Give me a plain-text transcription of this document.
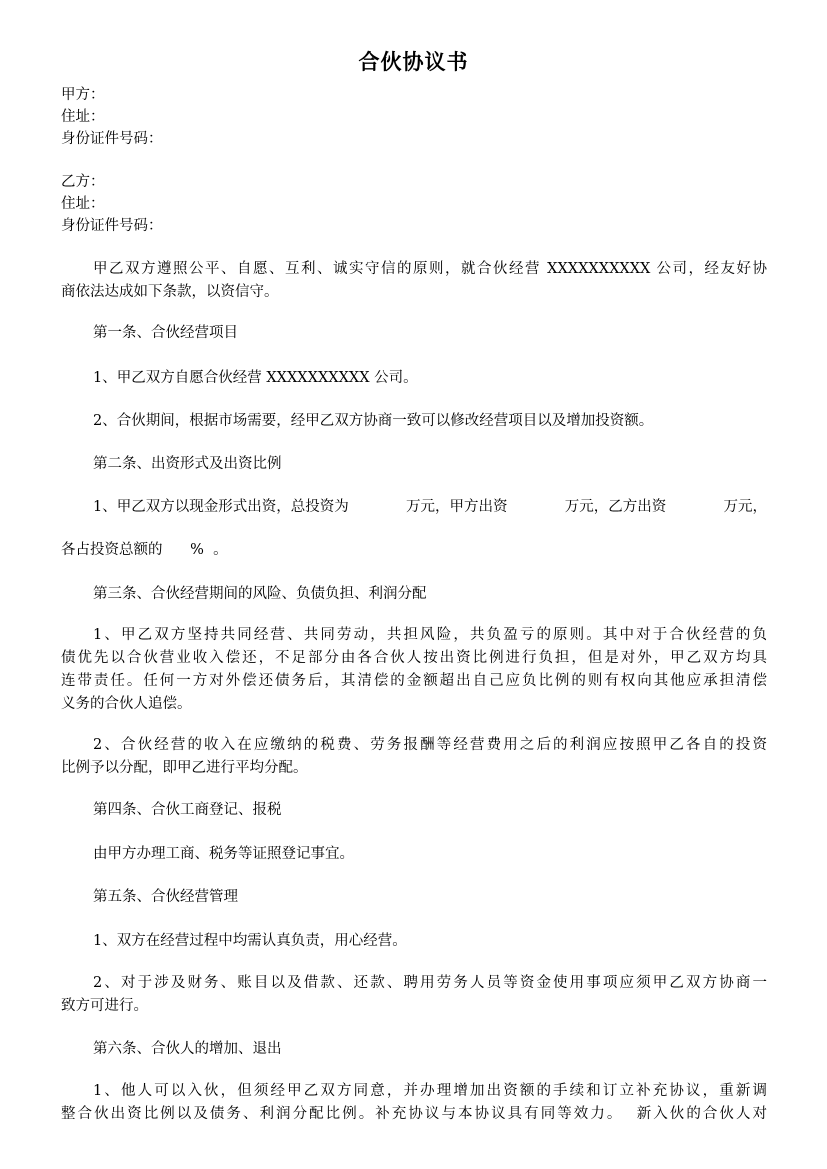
合伙协议书
甲方：
住址：
身份证件号码：
乙方：
住址：
身份证件号码：
甲乙双方遵照公平、自愿、互利、诚实守信的原则，就合伙经营 XXXXXXXXXX 公司，经友好协
商依法达成如下条款，以资信守。
第一条、合伙经营项目
1、甲乙双方自愿合伙经营 XXXXXXXXXX 公司。
2、合伙期间，根据市场需要，经甲乙双方协商一致可以修改经营项目以及增加投资额。
第二条、出资形式及出资比例
1、甲乙双方以现金形式出资，总投资为	万元，甲方出资	万元，乙方出资	万元，
各占投资总额的      %  。
第三条、合伙经营期间的风险、负债负担、利润分配
1、甲乙双方坚持共同经营、共同劳动，共担风险，共负盈亏的原则。其中对于合伙经营的负
债优先以合伙营业收入偿还，不足部分由各合伙人按出资比例进行负担，但是对外，甲乙双方均具
连带责任。任何一方对外偿还债务后，其清偿的金额超出自己应负比例的则有权向其他应承担清偿
义务的合伙人追偿。
2、合伙经营的收入在应缴纳的税费、劳务报酬等经营费用之后的利润应按照甲乙各自的投资
比例予以分配，即甲乙进行平均分配。
第四条、合伙工商登记、报税
由甲方办理工商、税务等证照登记事宜。
第五条、合伙经营管理
1、双方在经营过程中均需认真负责，用心经营。
2、对于涉及财务、账目以及借款、还款、聘用劳务人员等资金使用事项应须甲乙双方协商一
致方可进行。
第六条、合伙人的增加、退出
1、他人可以入伙，但须经甲乙双方同意，并办理增加出资额的手续和订立补充协议，重新调
整合伙出资比例以及债务、利润分配比例。补充协议与本协议具有同等效力。  新入伙的合伙人对
